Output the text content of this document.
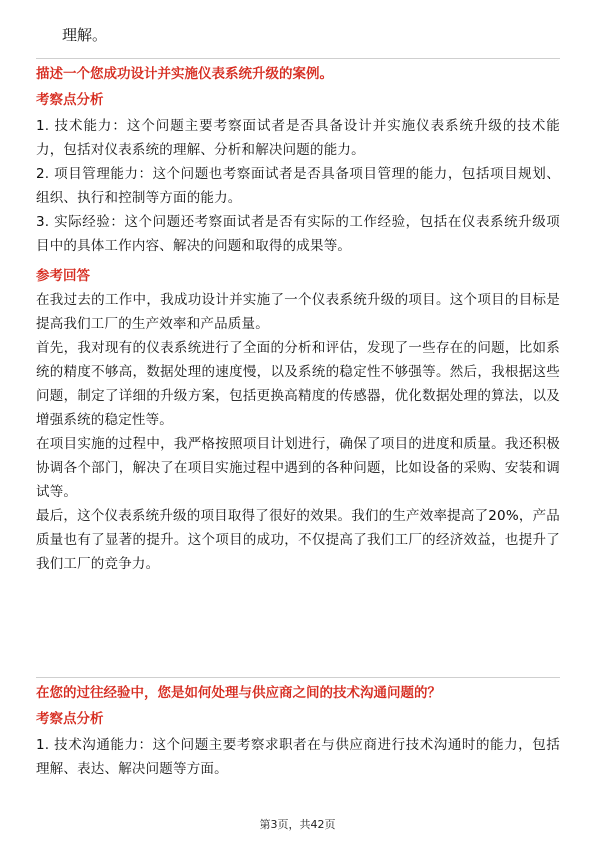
理解。

描述一个您成功设计并实施仪表系统升级的案例。

考察点分析

1. 技术能力：这个问题主要考察面试者是否具备设计并实施仪表系统升级的技术能力，包括对仪表系统的理解、分析和解决问题的能力。

2. 项目管理能力：这个问题也考察面试者是否具备项目管理的能力，包括项目规划、组织、执行和控制等方面的能力。

3. 实际经验：这个问题还考察面试者是否有实际的工作经验，包括在仪表系统升级项目中的具体工作内容、解决的问题和取得的成果等。

参考回答

在我过去的工作中，我成功设计并实施了一个仪表系统升级的项目。这个项目的目标是提高我们工厂的生产效率和产品质量。

首先，我对现有的仪表系统进行了全面的分析和评估，发现了一些存在的问题，比如系统的精度不够高，数据处理的速度慢，以及系统的稳定性不够强等。然后，我根据这些问题，制定了详细的升级方案，包括更换高精度的传感器，优化数据处理的算法，以及增强系统的稳定性等。

在项目实施的过程中，我严格按照项目计划进行，确保了项目的进度和质量。我还积极协调各个部门，解决了在项目实施过程中遇到的各种问题，比如设备的采购、安装和调试等。

最后，这个仪表系统升级的项目取得了很好的效果。我们的生产效率提高了20%，产品质量也有了显著的提升。这个项目的成功，不仅提高了我们工厂的经济效益，也提升了我们工厂的竞争力。

在您的过往经验中，您是如何处理与供应商之间的技术沟通问题的？

考察点分析

1. 技术沟通能力：这个问题主要考察求职者在与供应商进行技术沟通时的能力，包括理解、表达、解决问题等方面。

第3页，共42页
